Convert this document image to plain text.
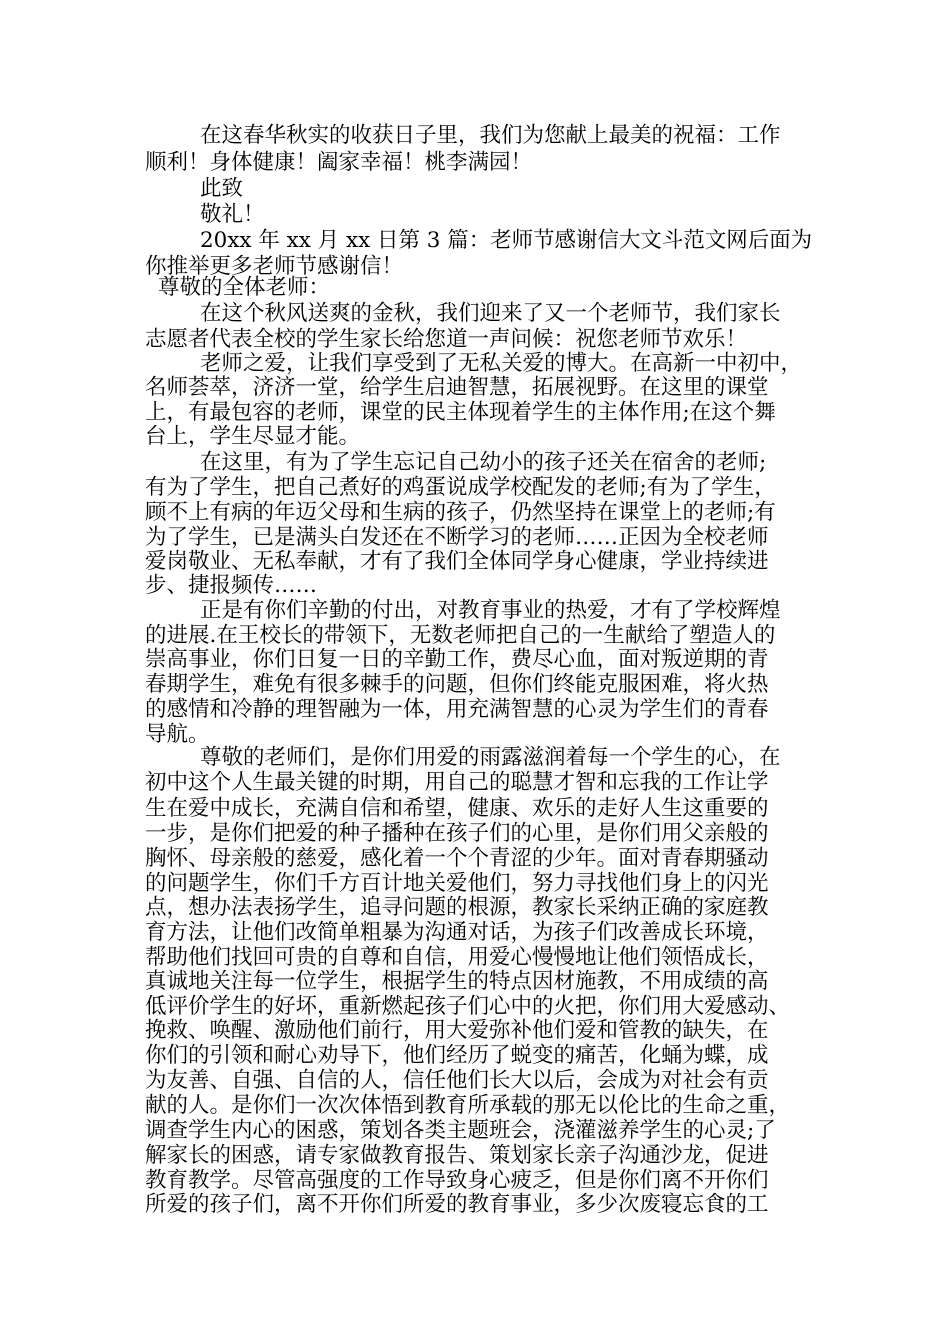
在这春华秋实的收获日子里，我们为您献上最美的祝福：工作
顺利！身体健康！阖家幸福！桃李满园！
此致
敬礼！
20xx 年 xx 月 xx 日第 3 篇：老师节感谢信大文斗范文网后面为
你推举更多老师节感谢信！
尊敬的全体老师：
在这个秋风送爽的金秋，我们迎来了又一个老师节，我们家长
志愿者代表全校的学生家长给您道一声问候：祝您老师节欢乐！
老师之爱，让我们享受到了无私关爱的博大。在高新一中初中，
名师荟萃，济济一堂，给学生启迪智慧，拓展视野。在这里的课堂
上，有最包容的老师，课堂的民主体现着学生的主体作用;在这个舞
台上，学生尽显才能。
在这里，有为了学生忘记自己幼小的孩子还关在宿舍的老师;
有为了学生，把自己煮好的鸡蛋说成学校配发的老师;有为了学生，
顾不上有病的年迈父母和生病的孩子，仍然坚持在课堂上的老师;有
为了学生，已是满头白发还在不断学习的老师……正因为全校老师
爱岗敬业、无私奉献，才有了我们全体同学身心健康，学业持续进
步、捷报频传……
正是有你们辛勤的付出，对教育事业的热爱，才有了学校辉煌
的进展.在王校长的带领下，无数老师把自己的一生献给了塑造人的
崇高事业，你们日复一日的辛勤工作，费尽心血，面对叛逆期的青
春期学生，难免有很多棘手的问题，但你们终能克服困难，将火热
的感情和冷静的理智融为一体，用充满智慧的心灵为学生们的青春
导航。
尊敬的老师们，是你们用爱的雨露滋润着每一个学生的心，在
初中这个人生最关键的时期，用自己的聪慧才智和忘我的工作让学
生在爱中成长，充满自信和希望，健康、欢乐的走好人生这重要的
一步，是你们把爱的种子播种在孩子们的心里，是你们用父亲般的
胸怀、母亲般的慈爱，感化着一个个青涩的少年。面对青春期骚动
的问题学生，你们千方百计地关爱他们，努力寻找他们身上的闪光
点，想办法表扬学生，追寻问题的根源，教家长采纳正确的家庭教
育方法，让他们改简单粗暴为沟通对话，为孩子们改善成长环境，
帮助他们找回可贵的自尊和自信，用爱心慢慢地让他们领悟成长，
真诚地关注每一位学生，根据学生的特点因材施教，不用成绩的高
低评价学生的好坏，重新燃起孩子们心中的火把，你们用大爱感动、
挽救、唤醒、激励他们前行，用大爱弥补他们爱和管教的缺失，在
你们的引领和耐心劝导下，他们经历了蜕变的痛苦，化蛹为蝶，成
为友善、自强、自信的人，信任他们长大以后，会成为对社会有贡
献的人。是你们一次次体悟到教育所承载的那无以伦比的生命之重，
调查学生内心的困惑，策划各类主题班会，浇灌滋养学生的心灵;了
解家长的困惑，请专家做教育报告、策划家长亲子沟通沙龙，促进
教育教学。尽管高强度的工作导致身心疲乏，但是你们离不开你们
所爱的孩子们，离不开你们所爱的教育事业，多少次废寝忘食的工
